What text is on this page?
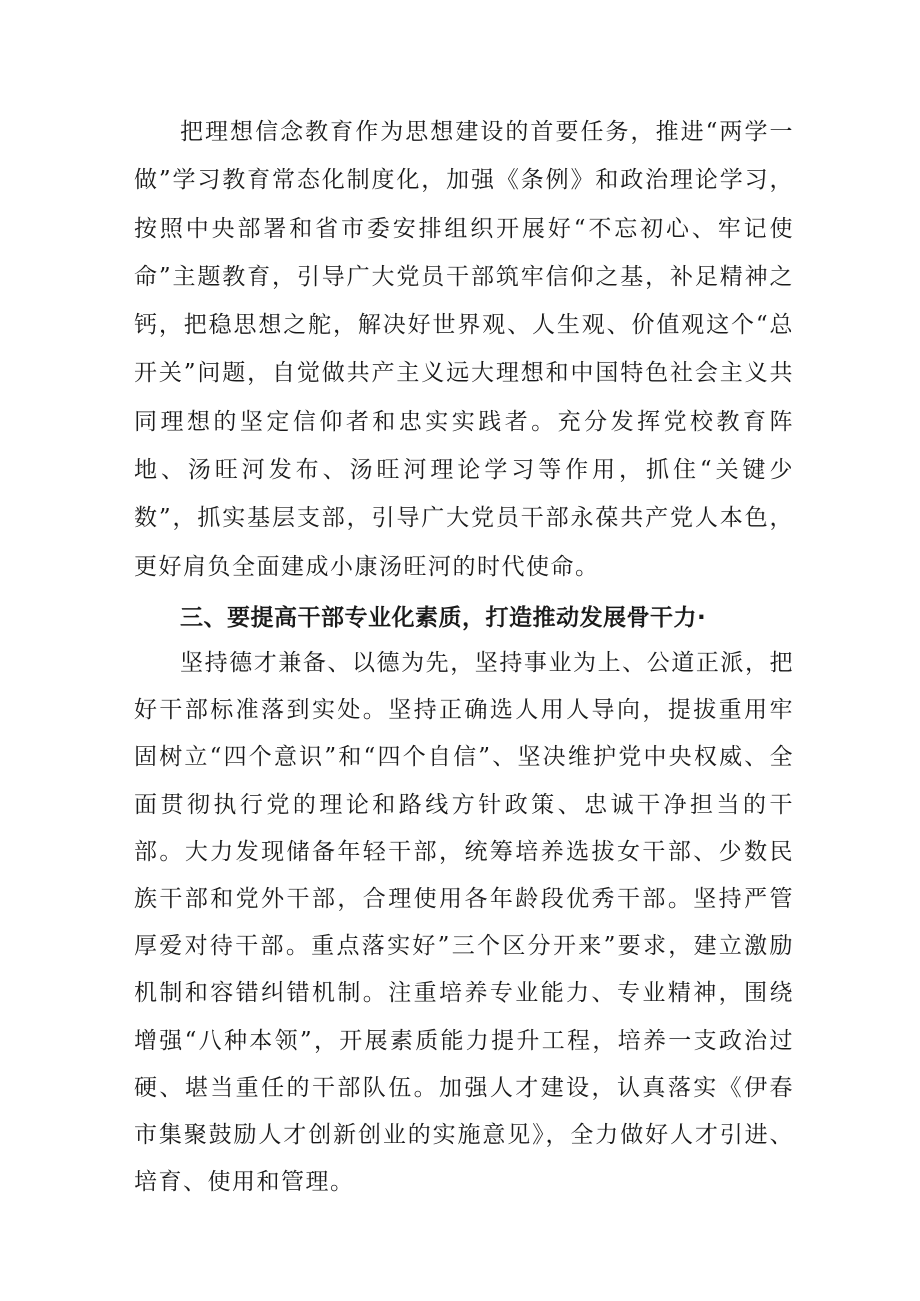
把理想信念教育作为思想建设的首要任务，推进“两学一做”学习教育常态化制度化，加强《条例》和政治理论学习，按照中央部署和省市委安排组织开展好“不忘初心、牢记使命”主题教育，引导广大党员干部筑牢信仰之基，补足精神之钙，把稳思想之舵，解决好世界观、人生观、价值观这个“总开关”问题，自觉做共产主义远大理想和中国特色社会主义共同理想的坚定信仰者和忠实实践者。充分发挥党校教育阵地、汤旺河发布、汤旺河理论学习等作用，抓住“关键少数”，抓实基层支部，引导广大党员干部永葆共产党人本色，更好肩负全面建成小康汤旺河的时代使命。

三、要提高干部专业化素质，打造推动发展骨干力·

坚持德才兼备、以德为先，坚持事业为上、公道正派，把好干部标准落到实处。坚持正确选人用人导向，提拔重用牢固树立“四个意识”和“四个自信”、坚决维护党中央权威、全面贯彻执行党的理论和路线方针政策、忠诚干净担当的干部。大力发现储备年轻干部，统筹培养选拔女干部、少数民族干部和党外干部，合理使用各年龄段优秀干部。坚持严管厚爱对待干部。重点落实好”三个区分开来”要求，建立激励机制和容错纠错机制。注重培养专业能力、专业精神，围绕增强“八种本领”，开展素质能力提升工程，培养一支政治过硬、堪当重任的干部队伍。加强人才建设，认真落实《伊春市集聚鼓励人才创新创业的实施意见》，全力做好人才引进、培育、使用和管理。
